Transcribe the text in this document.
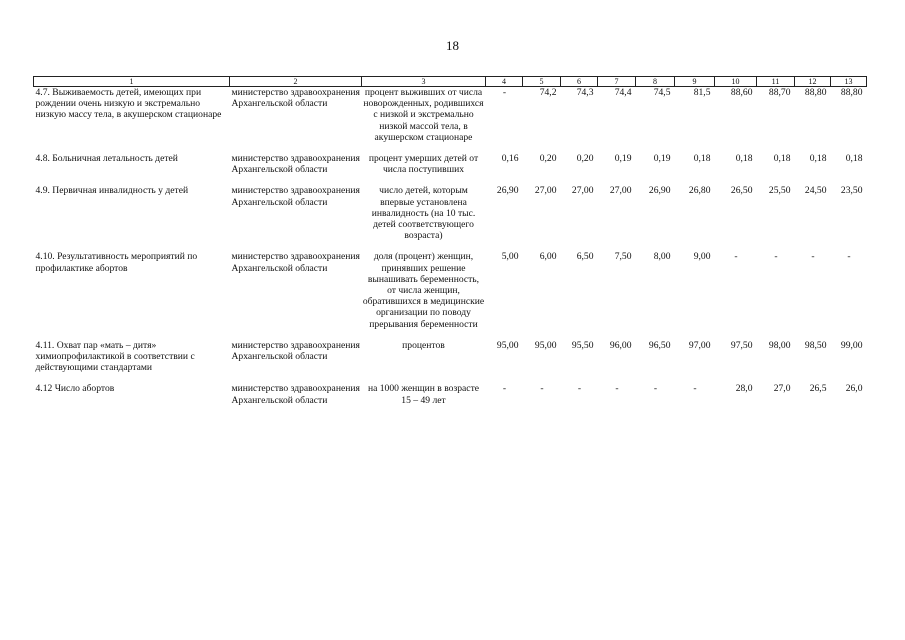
18
1	2	3	4	5	6	7	8	9	10	11	12	13
4.7. Выживаемость детей, имеющих при рождении очень низкую и экстремально низкую массу тела, в акушерском стационаре	министерство здравоохранения Архангельской области	процент выживших от числа новорожденных, родившихся с низкой и экстремально низкой массой тела, в акушерском стационаре	-	74,2	74,3	74,4	74,5	81,5	88,60	88,70	88,80	88,80
4.8. Больничная летальность детей	министерство здравоохранения Архангельской области	процент умерших детей от числа поступивших	0,16	0,20	0,20	0,19	0,19	0,18	0,18	0,18	0,18	0,18
4.9. Первичная инвалидность у детей	министерство здравоохранения Архангельской области	число детей, которым впервые установлена инвалидность (на 10 тыс. детей соответствующего возраста)	26,90	27,00	27,00	27,00	26,90	26,80	26,50	25,50	24,50	23,50
4.10. Результативность мероприятий по профилактике абортов	министерство здравоохранения Архангельской области	доля (процент) женщин, принявших решение вынашивать беременность, от числа женщин, обратившихся в медицинские организации по поводу прерывания беременности	5,00	6,00	6,50	7,50	8,00	9,00	-	-	-	-
4.11. Охват пар «мать – дитя» химиопрофилактикой в соответствии с действующими стандартами	министерство здравоохранения Архангельской области	процентов	95,00	95,00	95,50	96,00	96,50	97,00	97,50	98,00	98,50	99,00
4.12 Число абортов	министерство здравоохранения Архангельской области	на 1000 женщин в возрасте 15 – 49 лет	-	-	-	-	-	-	28,0	27,0	26,5	26,0
